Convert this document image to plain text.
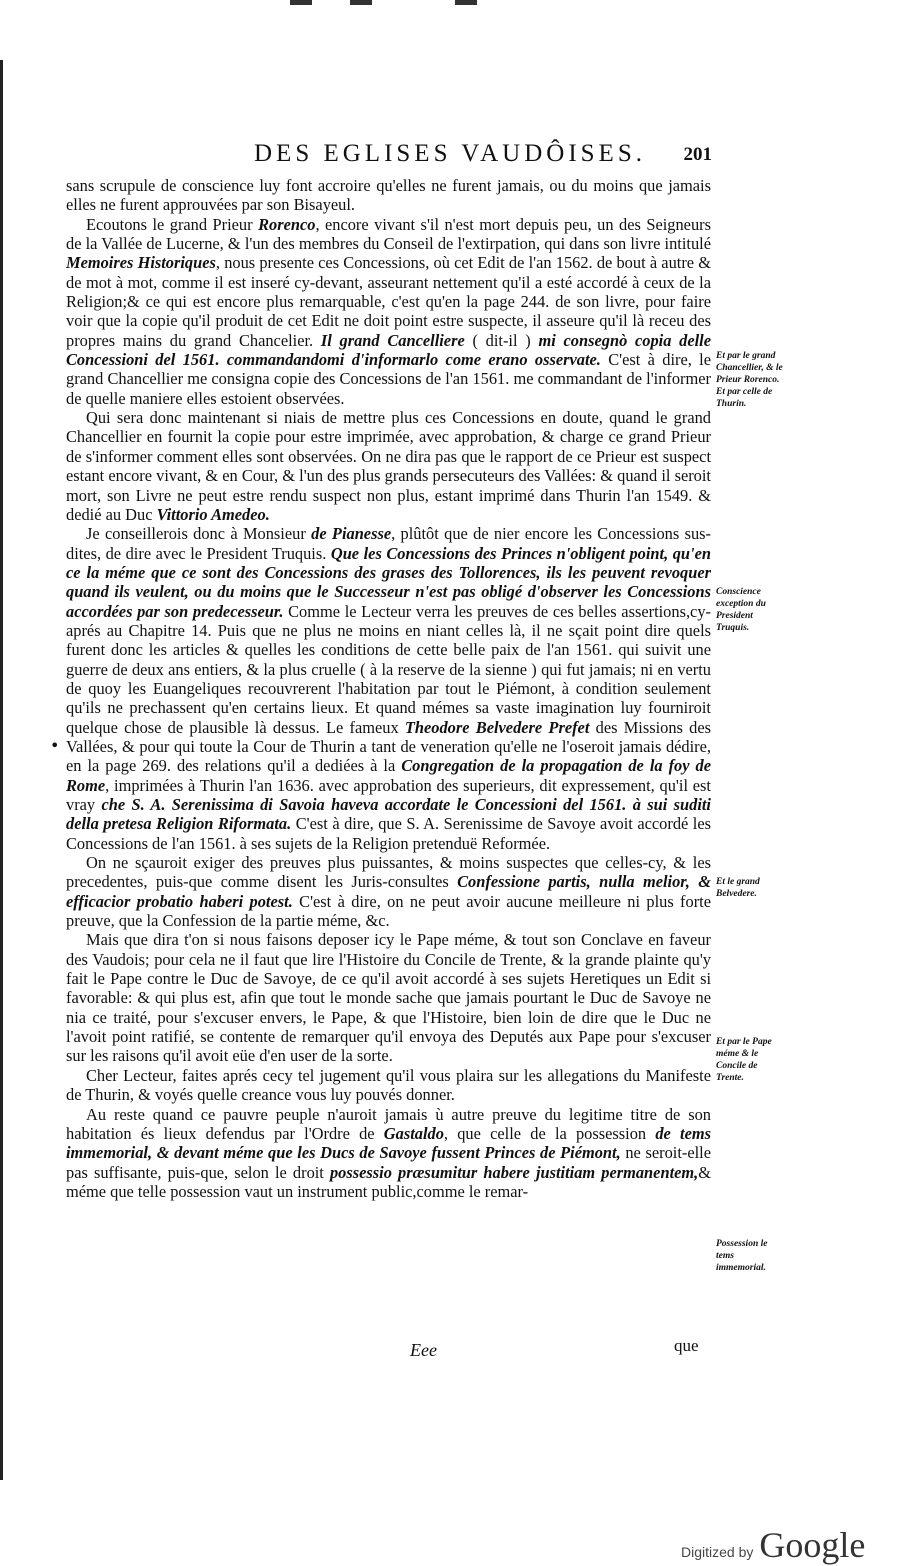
DES EGLISES VAUDÔISES.	201

sans scrupule de conscience luy font accroire qu'elles ne furent jamais, ou du moins que jamais elles ne furent approuvées par son Bisayeul.

Ecoutons le grand Prieur Rorenco, encore vivant s'il n'est mort depuis peu, un des Seigneurs de la Vallée de Lucerne, & l'un des membres du Conseil de l'extirpation, qui dans son livre intitulé Memoires Historiques, nous presente ces Concessions, où cet Edit de l'an 1562. de bout à autre & de mot à mot, comme il est inseré cy-devant, asseurant nettement qu'il a esté accordé à ceux de la Religion;& ce qui est encore plus remarquable, c'est qu'en la page 244. de son livre, pour faire voir que la copie qu'il produit de cet Edit ne doit point estre suspecte, il asseure qu'il là receu des propres mains du grand Chancelier. Il grand Cancelliere ( dit-il ) mi consegnò copia delle Concessioni del 1561. commandandomi d'informarlo come erano osservate. C'est à dire, le grand Chancellier me consigna copie des Concessions de l'an 1561. me commandant de l'informer de quelle maniere elles estoient observées.

Qui sera donc maintenant si niais de mettre plus ces Concessions en doute, quand le grand Chancellier en fournit la copie pour estre imprimée, avec approbation, & charge ce grand Prieur de s'informer comment elles sont observées. On ne dira pas que le rapport de ce Prieur est suspect estant encore vivant, & en Cour, & l'un des plus grands persecuteurs des Vallées: & quand il seroit mort, son Livre ne peut estre rendu suspect non plus, estant imprimé dans Thurin l'an 1549. & dedié au Duc Vittorio Amedeo.

Je conseillerois donc à Monsieur de Pianesse, plûtôt que de nier encore les Concessions sus-dites, de dire avec le President Truquis. Que les Concessions des Princes n'obligent point, qu'en ce la méme que ce sont des Concessions des grases des Tollorences, ils les peuvent revoquer quand ils veulent, ou du moins que le Successeur n'est pas obligé d'observer les Concessions accordées par son predecesseur. Comme le Lecteur verra les preuves de ces belles assertions,cy-aprés au Chapitre 14. Puis que ne plus ne moins en niant celles là, il ne sçait point dire quels furent donc les articles & quelles les conditions de cette belle paix de l'an 1561. qui suivit une guerre de deux ans entiers, & la plus cruelle ( à la reserve de la sienne ) qui fut jamais; ni en vertu de quoy les Euangeliques recouvrerent l'habitation par tout le Piémont, à condition seulement qu'ils ne prechassent qu'en certains lieux. Et quand mémes sa vaste imagination luy fourniroit quelque chose de plausible là dessus. Le fameux Theodore Belvedere Prefet des Missions des Vallées, & pour qui toute la Cour de Thurin a tant de veneration qu'elle ne l'oseroit jamais dédire, en la page 269. des relations qu'il a dediées à la Congregation de la propagation de la foy de Rome, imprimées à Thurin l'an 1636. avec approbation des superieurs, dit expressement, qu'il est vray che S. A. Serenissima di Savoia haveva accordate le Concessioni del 1561. à sui suditi della pretesa Religion Riformata. C'est à dire, que S. A. Serenissime de Savoye avoit accordé les Concessions de l'an 1561. à ses sujets de la Religion pretenduë Reformée.

On ne sçauroit exiger des preuves plus puissantes, & moins suspectes que celles-cy, & les precedentes, puis-que comme disent les Juris-consultes Confessione partis, nulla melior, & efficacior probatio haberi potest. C'est à dire, on ne peut avoir aucune meilleure ni plus forte preuve, que la Confession de la partie méme, &c.

Mais que dira t'on si nous faisons deposer icy le Pape méme, & tout son Conclave en faveur des Vaudois; pour cela ne il faut que lire l'Histoire du Concile de Trente, & la grande plainte qu'y fait le Pape contre le Duc de Savoye, de ce qu'il avoit accordé à ses sujets Heretiques un Edit si favorable: & qui plus est, afin que tout le monde sache que jamais pourtant le Duc de Savoye ne nia ce traité, pour s'excuser envers, le Pape, & que l'Histoire, bien loin de dire que le Duc ne l'avoit point ratifié, se contente de remarquer qu'il envoya des Deputés aux Pape pour s'excuser sur les raisons qu'il avoit eüe d'en user de la sorte.

Cher Lecteur, faites aprés cecy tel jugement qu'il vous plaira sur les allegations du Manifeste de Thurin, & voyés quelle creance vous luy pouvés donner.

Au reste quand ce pauvre peuple n'auroit jamais ù autre preuve du legitime titre de son habitation és lieux defendus par l'Ordre de Gastaldo, que celle de la possession de tems immemorial, & devant méme que les Ducs de Savoye fussent Princes de Piémont, ne seroit-elle pas suffisante, puis-que, selon le droit possessio præsumitur habere justitiam permanentem,& méme que telle possession vaut un instrument public,comme le remar-

Et par le grand Chancellier, & le Prieur Rorenco. Et par celle de Thurin.
Conscience exception du President Truquis.
Et le grand Belvedere.
Et par le Pape méme & le Concile de Trente.
Possession le tems immemorial.
•
Eee	que
Digitized by Google
